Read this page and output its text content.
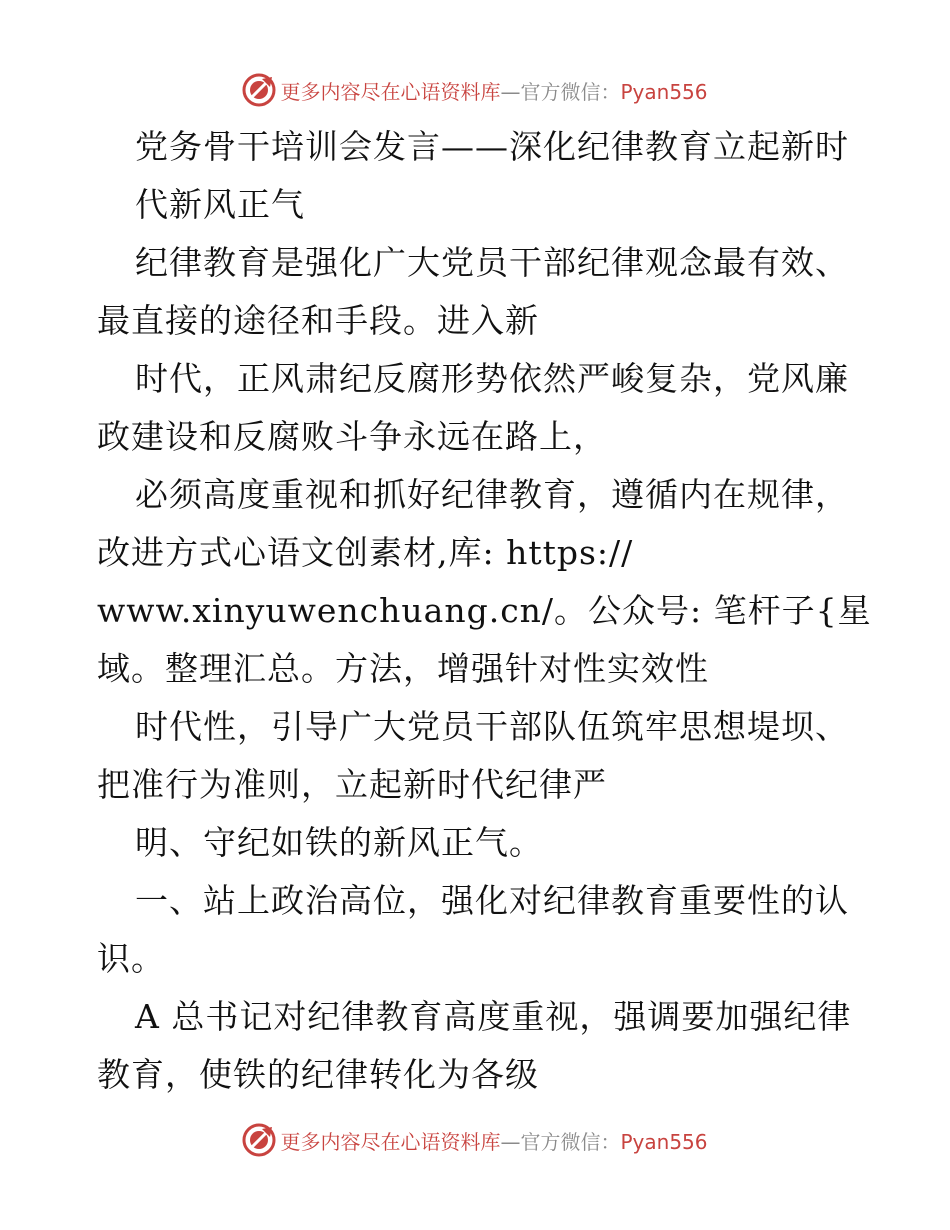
更多内容尽在心语资料库—官方微信：Pyan556
党务骨干培训会发言——深化纪律教育立起新时
代新风正气
纪律教育是强化广大党员干部纪律观念最有效、
最直接的途径和手段。进入新
时代，正风肃纪反腐形势依然严峻复杂，党风廉
政建设和反腐败斗争永远在路上，
必须高度重视和抓好纪律教育，遵循内在规律，
改进方式心语文创素材,库: https://
www.xinyuwenchuang.cn/。公众号: 笔杆子{星
域。整理汇总。方法，增强针对性实效性
时代性，引导广大党员干部队伍筑牢思想堤坝、
把准行为准则，立起新时代纪律严
明、守纪如铁的新风正气。
一、站上政治高位，强化对纪律教育重要性的认
识。
A 总书记对纪律教育高度重视，强调要加强纪律
教育，使铁的纪律转化为各级
更多内容尽在心语资料库—官方微信：Pyan556
